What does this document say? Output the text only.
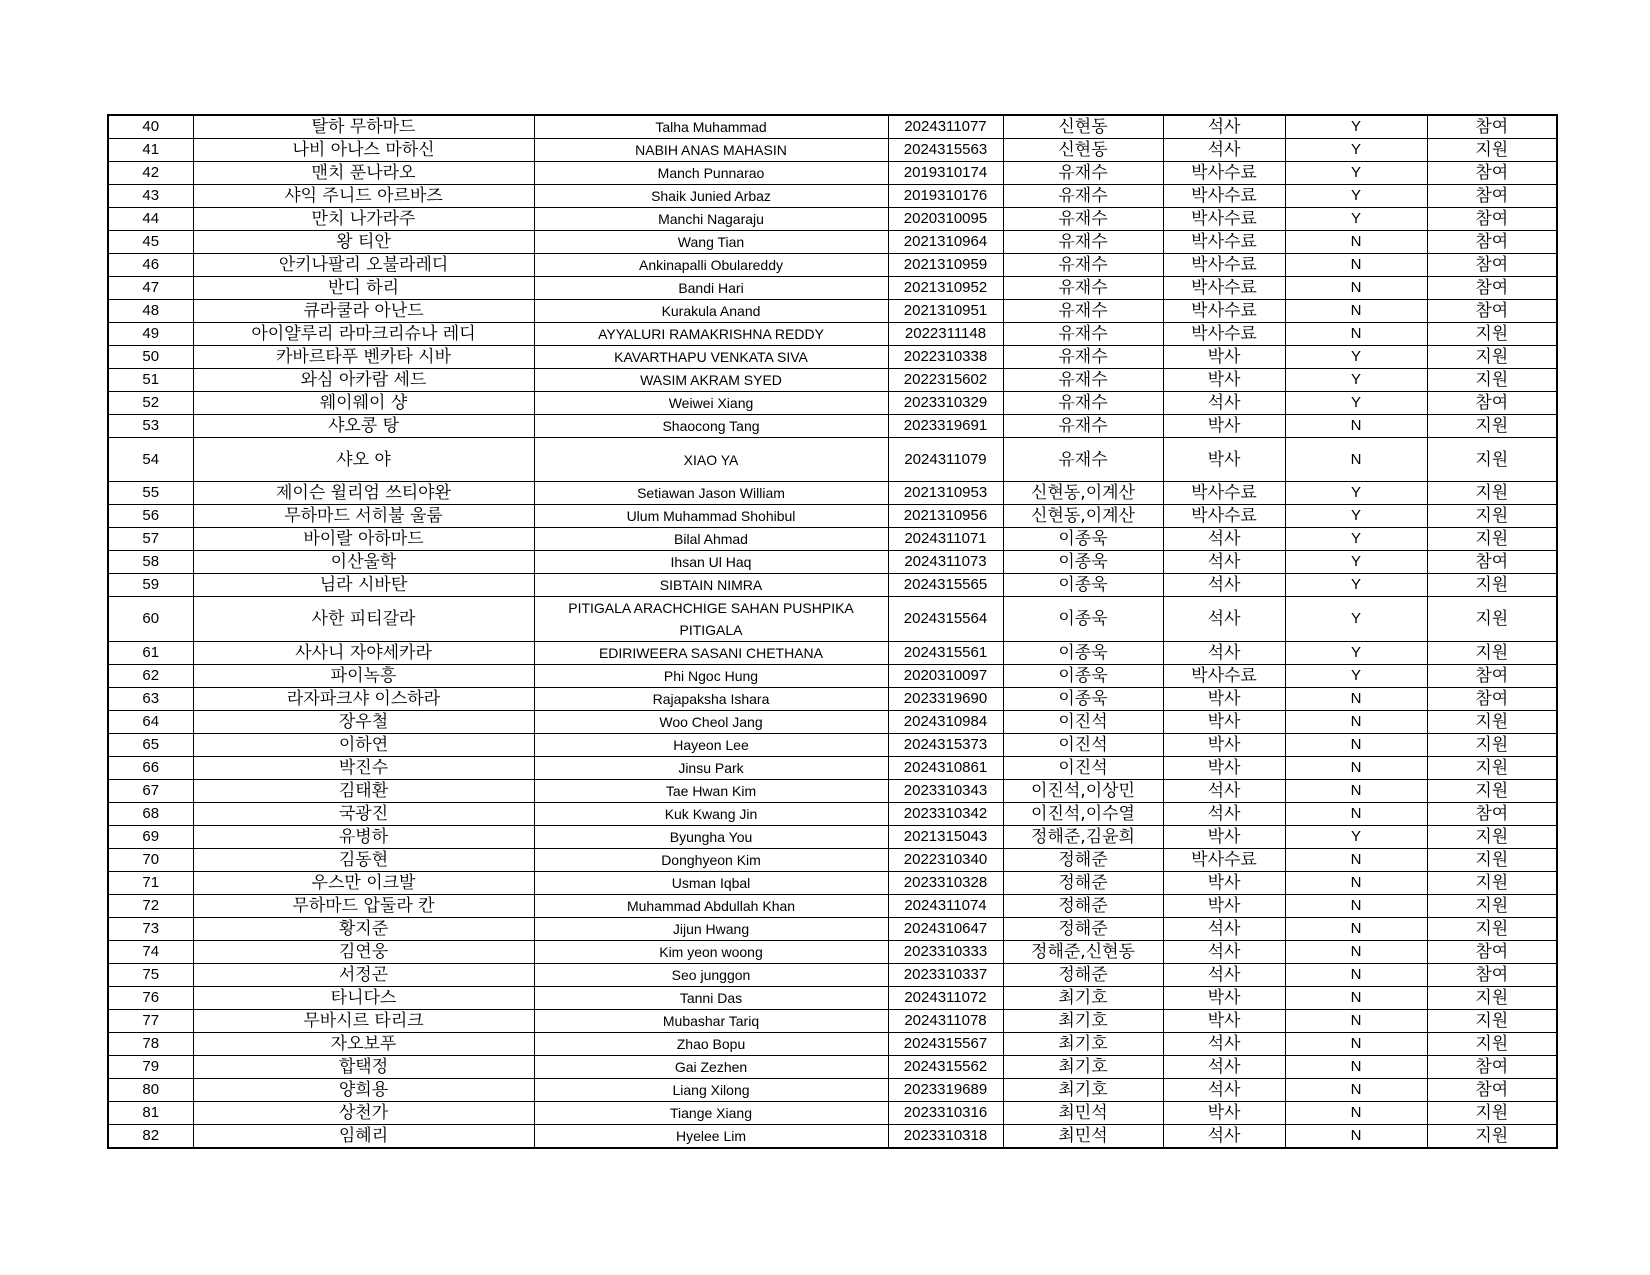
40	탈하 무하마드	Talha Muhammad	2024311077	신현동	석사	Y	참여
41	나비 아나스 마하신	NABIH ANAS MAHASIN	2024315563	신현동	석사	Y	지원
42	맨치 푼나라오	Manch Punnarao	2019310174	유재수	박사수료	Y	참여
43	샤익 주니드 아르바즈	Shaik Junied Arbaz	2019310176	유재수	박사수료	Y	참여
44	만치 나가라주	Manchi Nagaraju	2020310095	유재수	박사수료	Y	참여
45	왕 티안	Wang Tian	2021310964	유재수	박사수료	N	참여
46	안키나팔리 오불라레디	Ankinapalli Obulareddy	2021310959	유재수	박사수료	N	참여
47	반디 하리	Bandi Hari	2021310952	유재수	박사수료	N	참여
48	큐라쿨라 아난드	Kurakula Anand	2021310951	유재수	박사수료	N	참여
49	아이얄루리 라마크리슈나 레디	AYYALURI RAMAKRISHNA REDDY	2022311148	유재수	박사수료	N	지원
50	카바르타푸 벤카타 시바	KAVARTHAPU VENKATA SIVA	2022310338	유재수	박사	Y	지원
51	와심 아카람 세드	WASIM AKRAM SYED	2022315602	유재수	박사	Y	지원
52	웨이웨이 샹	Weiwei Xiang	2023310329	유재수	석사	Y	참여
53	샤오콩 탕	Shaocong Tang	2023319691	유재수	박사	N	지원
54	샤오 야	XIAO YA	2024311079	유재수	박사	N	지원
55	제이슨 윌리엄 쓰티야완	Setiawan Jason William	2021310953	신현동,이계산	박사수료	Y	지원
56	무하마드 서히불 울룸	Ulum Muhammad Shohibul	2021310956	신현동,이계산	박사수료	Y	지원
57	바이랄 아하마드	Bilal Ahmad	2024311071	이종욱	석사	Y	지원
58	이산울학	Ihsan Ul Haq	2024311073	이종욱	석사	Y	참여
59	님라 시바탄	SIBTAIN NIMRA	2024315565	이종욱	석사	Y	지원
60	사한 피티갈라	PITIGALA ARACHCHIGE SAHAN PUSHPIKA PITIGALA	2024315564	이종욱	석사	Y	지원
61	사사니 자야세카라	EDIRIWEERA SASANI CHETHANA	2024315561	이종욱	석사	Y	지원
62	파이녹흥	Phi Ngoc Hung	2020310097	이종욱	박사수료	Y	참여
63	라자파크샤 이스하라	Rajapaksha Ishara	2023319690	이종욱	박사	N	참여
64	장우철	Woo Cheol Jang	2024310984	이진석	박사	N	지원
65	이하연	Hayeon Lee	2024315373	이진석	박사	N	지원
66	박진수	Jinsu Park	2024310861	이진석	박사	N	지원
67	김태환	Tae Hwan Kim	2023310343	이진석,이상민	석사	N	지원
68	국광진	Kuk Kwang Jin	2023310342	이진석,이수열	석사	N	참여
69	유병하	Byungha You	2021315043	정해준,김윤희	박사	Y	지원
70	김동현	Donghyeon Kim	2022310340	정해준	박사수료	N	지원
71	우스만 이크발	Usman Iqbal	2023310328	정해준	박사	N	지원
72	무하마드 압둘라 칸	Muhammad Abdullah Khan	2024311074	정해준	박사	N	지원
73	황지준	Jijun Hwang	2024310647	정해준	석사	N	지원
74	김연웅	Kim yeon woong	2023310333	정해준,신현동	석사	N	참여
75	서정곤	Seo junggon	2023310337	정해준	석사	N	참여
76	타니다스	Tanni Das	2024311072	최기호	박사	N	지원
77	무바시르 타리크	Mubashar Tariq	2024311078	최기호	박사	N	지원
78	자오보푸	Zhao Bopu	2024315567	최기호	석사	N	지원
79	합택정	Gai Zezhen	2024315562	최기호	석사	N	참여
80	양희용	Liang Xilong	2023319689	최기호	석사	N	참여
81	상천가	Tiange Xiang	2023310316	최민석	박사	N	지원
82	임혜리	Hyelee Lim	2023310318	최민석	석사	N	지원
